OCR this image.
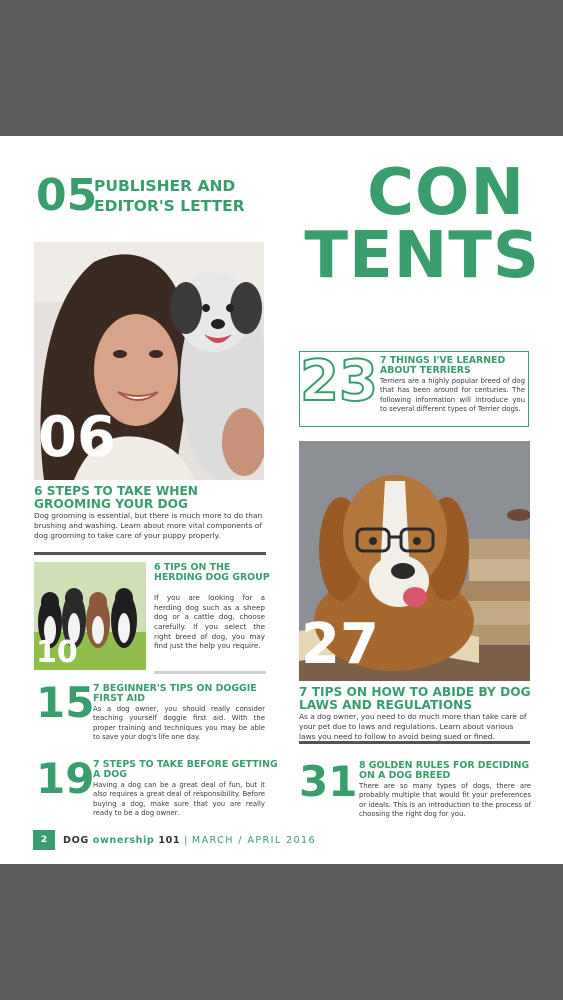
05
PUBLISHER AND
EDITOR'S LETTER	CON
TENTS
06
6 STEPS TO TAKE WHEN
GROOMING YOUR DOG
Dog grooming is essential, but there is much more to do than brushing and washing. Learn about more vital components of dog grooming to take care of your puppy properly.
10
6 TIPS ON THE
HERDING DOG GROUP
If you are looking for a herding dog such as a sheep dog or a cattle dog, choose carefully. If you select the right breed of dog, you may find just the help you require.
15
7 BEGINNER'S TIPS ON DOGGIE
FIRST AID
As a dog owner, you should really consider teaching yourself doggie first aid. With the proper training and techniques you may be able to save your dog's life one day.
19
7 STEPS TO TAKE BEFORE GETTING
A DOG
Having a dog can be a great deal of fun, but it also requires a great deal of responsibility. Before buying a dog, make sure that you are really ready to be a dog owner.
23 7 THINGS I'VE LEARNED
ABOUT TERRIERS
Terriers are a highly popular breed of dog that has been around for centuries. The following information will introduce you to several different types of Terrier dogs.
27
7 TIPS ON HOW TO ABIDE BY DOG
LAWS AND REGULATIONS
As a dog owner, you need to do much more than take care of your pet due to laws and regulations. Learn about various laws you need to follow to avoid being sued or fined.
31 8 GOLDEN RULES FOR DECIDING
ON A DOG BREED
There are so many types of dogs, there are probably multiple that would fit your preferences or ideals. This is an introduction to the process of choosing the right dog for you.
2	DOG ownership 101 | MARCH / APRIL 2016
